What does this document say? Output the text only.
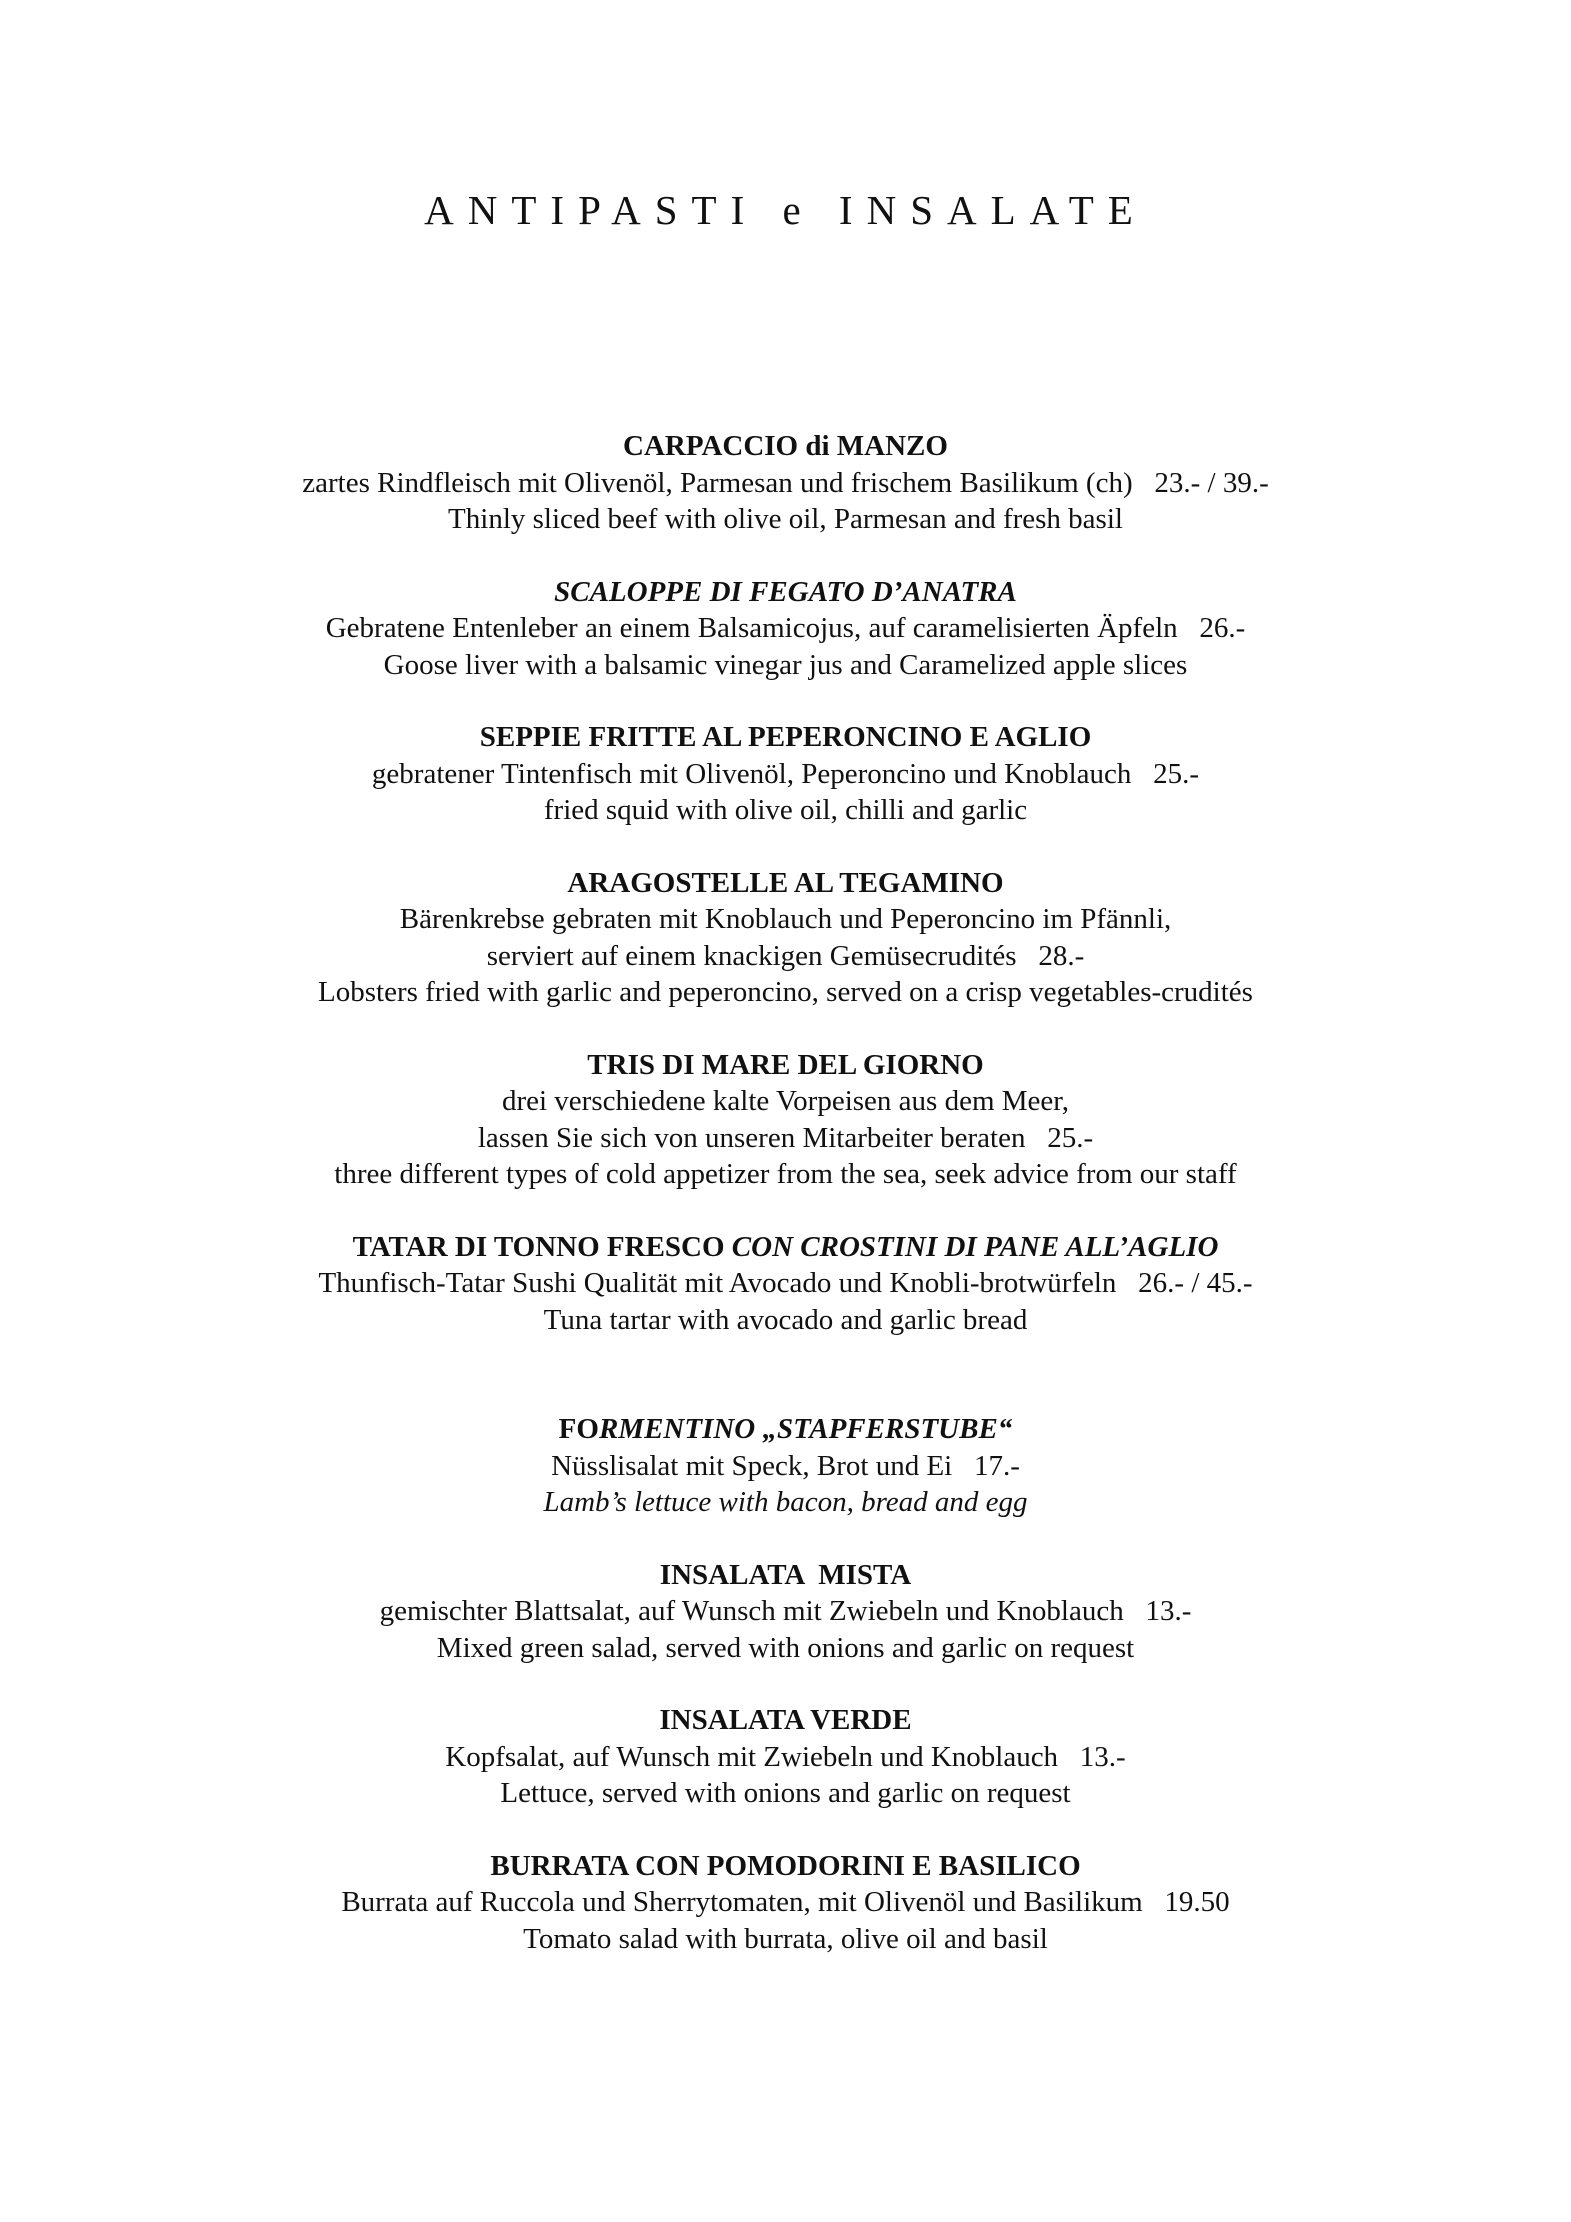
ANTIPASTI e INSALATE
CARPACCIO di MANZO
zartes Rindfleisch mit Olivenöl, Parmesan und frischem Basilikum (ch)   23.- / 39.-
Thinly sliced beef with olive oil, Parmesan and fresh basil
SCALOPPE DI FEGATO D’ANATRA
Gebratene Entenleber an einem Balsamicojus, auf caramelisierten Äpfeln   26.-
Goose liver with a balsamic vinegar jus and Caramelized apple slices
SEPPIE FRITTE AL PEPERONCINO E AGLIO
gebratener Tintenfisch mit Olivenöl, Peperoncino und Knoblauch   25.-
fried squid with olive oil, chilli and garlic
ARAGOSTELLE AL TEGAMINO
Bärenkrebse gebraten mit Knoblauch und Peperoncino im Pfännli,
serviert auf einem knackigen Gemüsecrudités   28.-
Lobsters fried with garlic and peperoncino, served on a crisp vegetables-crudités
TRIS DI MARE DEL GIORNO
drei verschiedene kalte Vorpeisen aus dem Meer,
lassen Sie sich von unseren Mitarbeiter beraten   25.-
three different types of cold appetizer from the sea, seek advice from our staff
TATAR DI TONNO FRESCO CON CROSTINI DI PANE ALL’AGLIO
Thunfisch-Tatar Sushi Qualität mit Avocado und Knobli-brotwürfeln   26.- / 45.-
Tuna tartar with avocado and garlic bread
FORMENTINO „STAPFERSTUBE“
Nüsslisalat mit Speck, Brot und Ei   17.-
Lamb’s lettuce with bacon, bread and egg
INSALATA  MISTA
gemischter Blattsalat, auf Wunsch mit Zwiebeln und Knoblauch   13.-
Mixed green salad, served with onions and garlic on request
INSALATA VERDE
Kopfsalat, auf Wunsch mit Zwiebeln und Knoblauch   13.-
Lettuce, served with onions and garlic on request
BURRATA CON POMODORINI E BASILICO
Burrata auf Ruccola und Sherrytomaten, mit Olivenöl und Basilikum   19.50
Tomato salad with burrata, olive oil and basil
